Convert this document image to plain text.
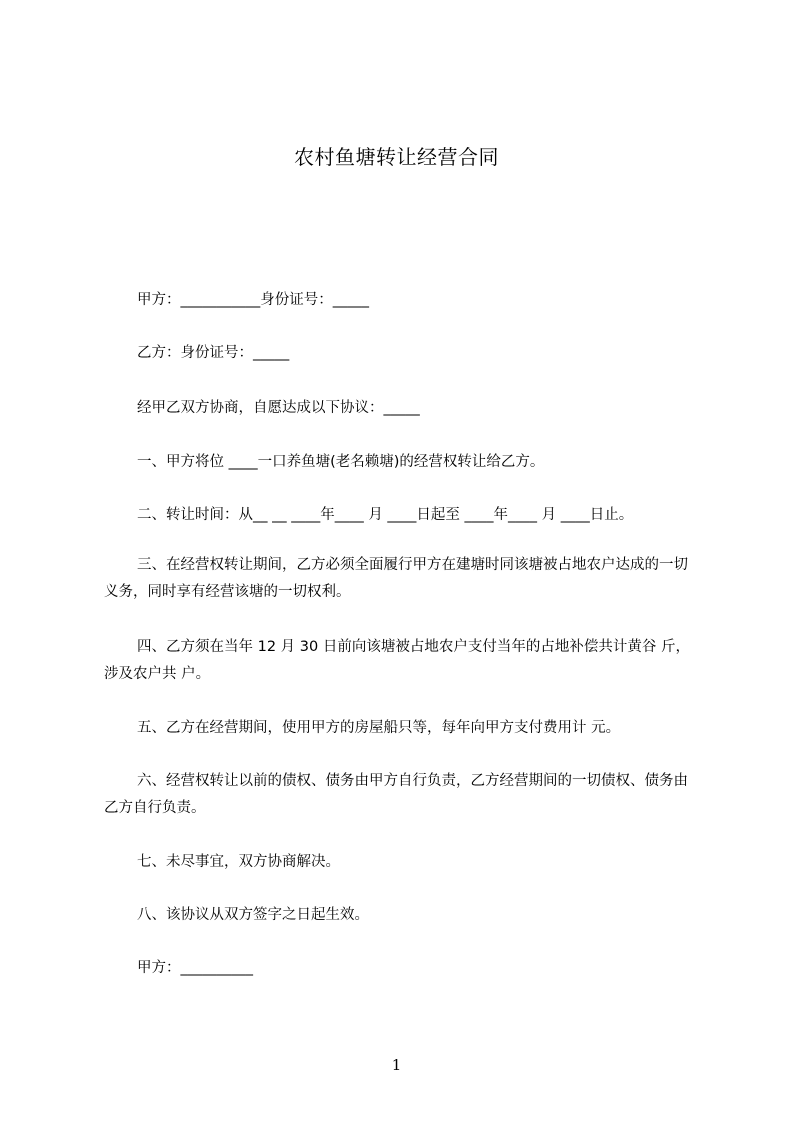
农村鱼塘转让经营合同

甲方：___________身份证号：_____

乙方：身份证号：_____

经甲乙双方协商，自愿达成以下协议：_____

一、甲方将位 ____一口养鱼塘(老名赖塘)的经营权转让给乙方。

二、转让时间：从__ __ ____年____ 月 ____日起至 ____年____ 月 ____日止。

三、在经营权转让期间，乙方必须全面履行甲方在建塘时同该塘被占地农户达成的一切义务，同时享有经营该塘的一切权利。

四、乙方须在当年 12 月 30 日前向该塘被占地农户支付当年的占地补偿共计黄谷 斤，涉及农户共 户。

五、乙方在经营期间，使用甲方的房屋船只等，每年向甲方支付费用计 元。

六、经营权转让以前的债权、债务由甲方自行负责，乙方经营期间的一切债权、债务由乙方自行负责。

七、未尽事宜，双方协商解决。

八、该协议从双方签字之日起生效。

甲方：__________

1
